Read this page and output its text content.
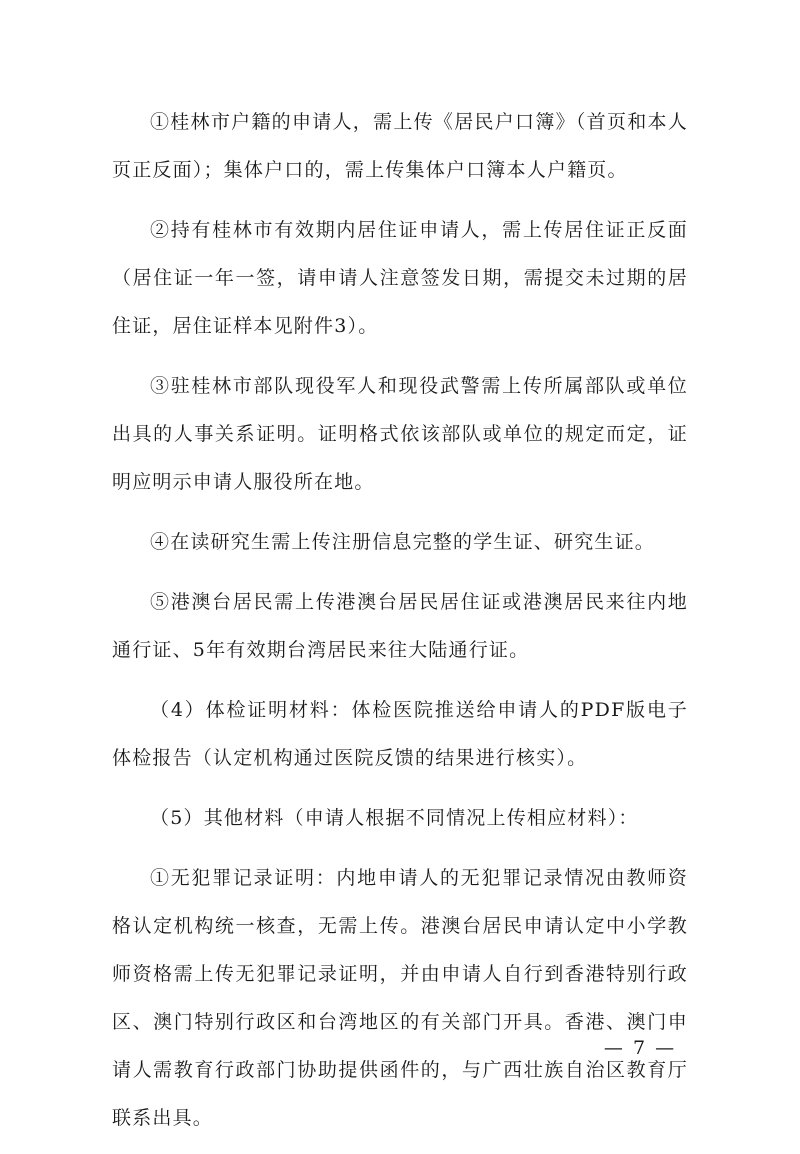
①桂林市户籍的申请人，需上传《居民户口簿》（首页和本人页正反面）；集体户口的，需上传集体户口簿本人户籍页。

②持有桂林市有效期内居住证申请人，需上传居住证正反面（居住证一年一签，请申请人注意签发日期，需提交未过期的居住证，居住证样本见附件3）。

③驻桂林市部队现役军人和现役武警需上传所属部队或单位出具的人事关系证明。证明格式依该部队或单位的规定而定，证明应明示申请人服役所在地。

④在读研究生需上传注册信息完整的学生证、研究生证。

⑤港澳台居民需上传港澳台居民居住证或港澳居民来往内地通行证、5年有效期台湾居民来往大陆通行证。

（4）体检证明材料：体检医院推送给申请人的PDF版电子体检报告（认定机构通过医院反馈的结果进行核实）。

（5）其他材料（申请人根据不同情况上传相应材料）：

①无犯罪记录证明：内地申请人的无犯罪记录情况由教师资格认定机构统一核查，无需上传。港澳台居民申请认定中小学教师资格需上传无犯罪记录证明，并由申请人自行到香港特别行政区、澳门特别行政区和台湾地区的有关部门开具。香港、澳门申请人需教育行政部门协助提供函件的，与广西壮族自治区教育厅联系出具。

— 7 —
